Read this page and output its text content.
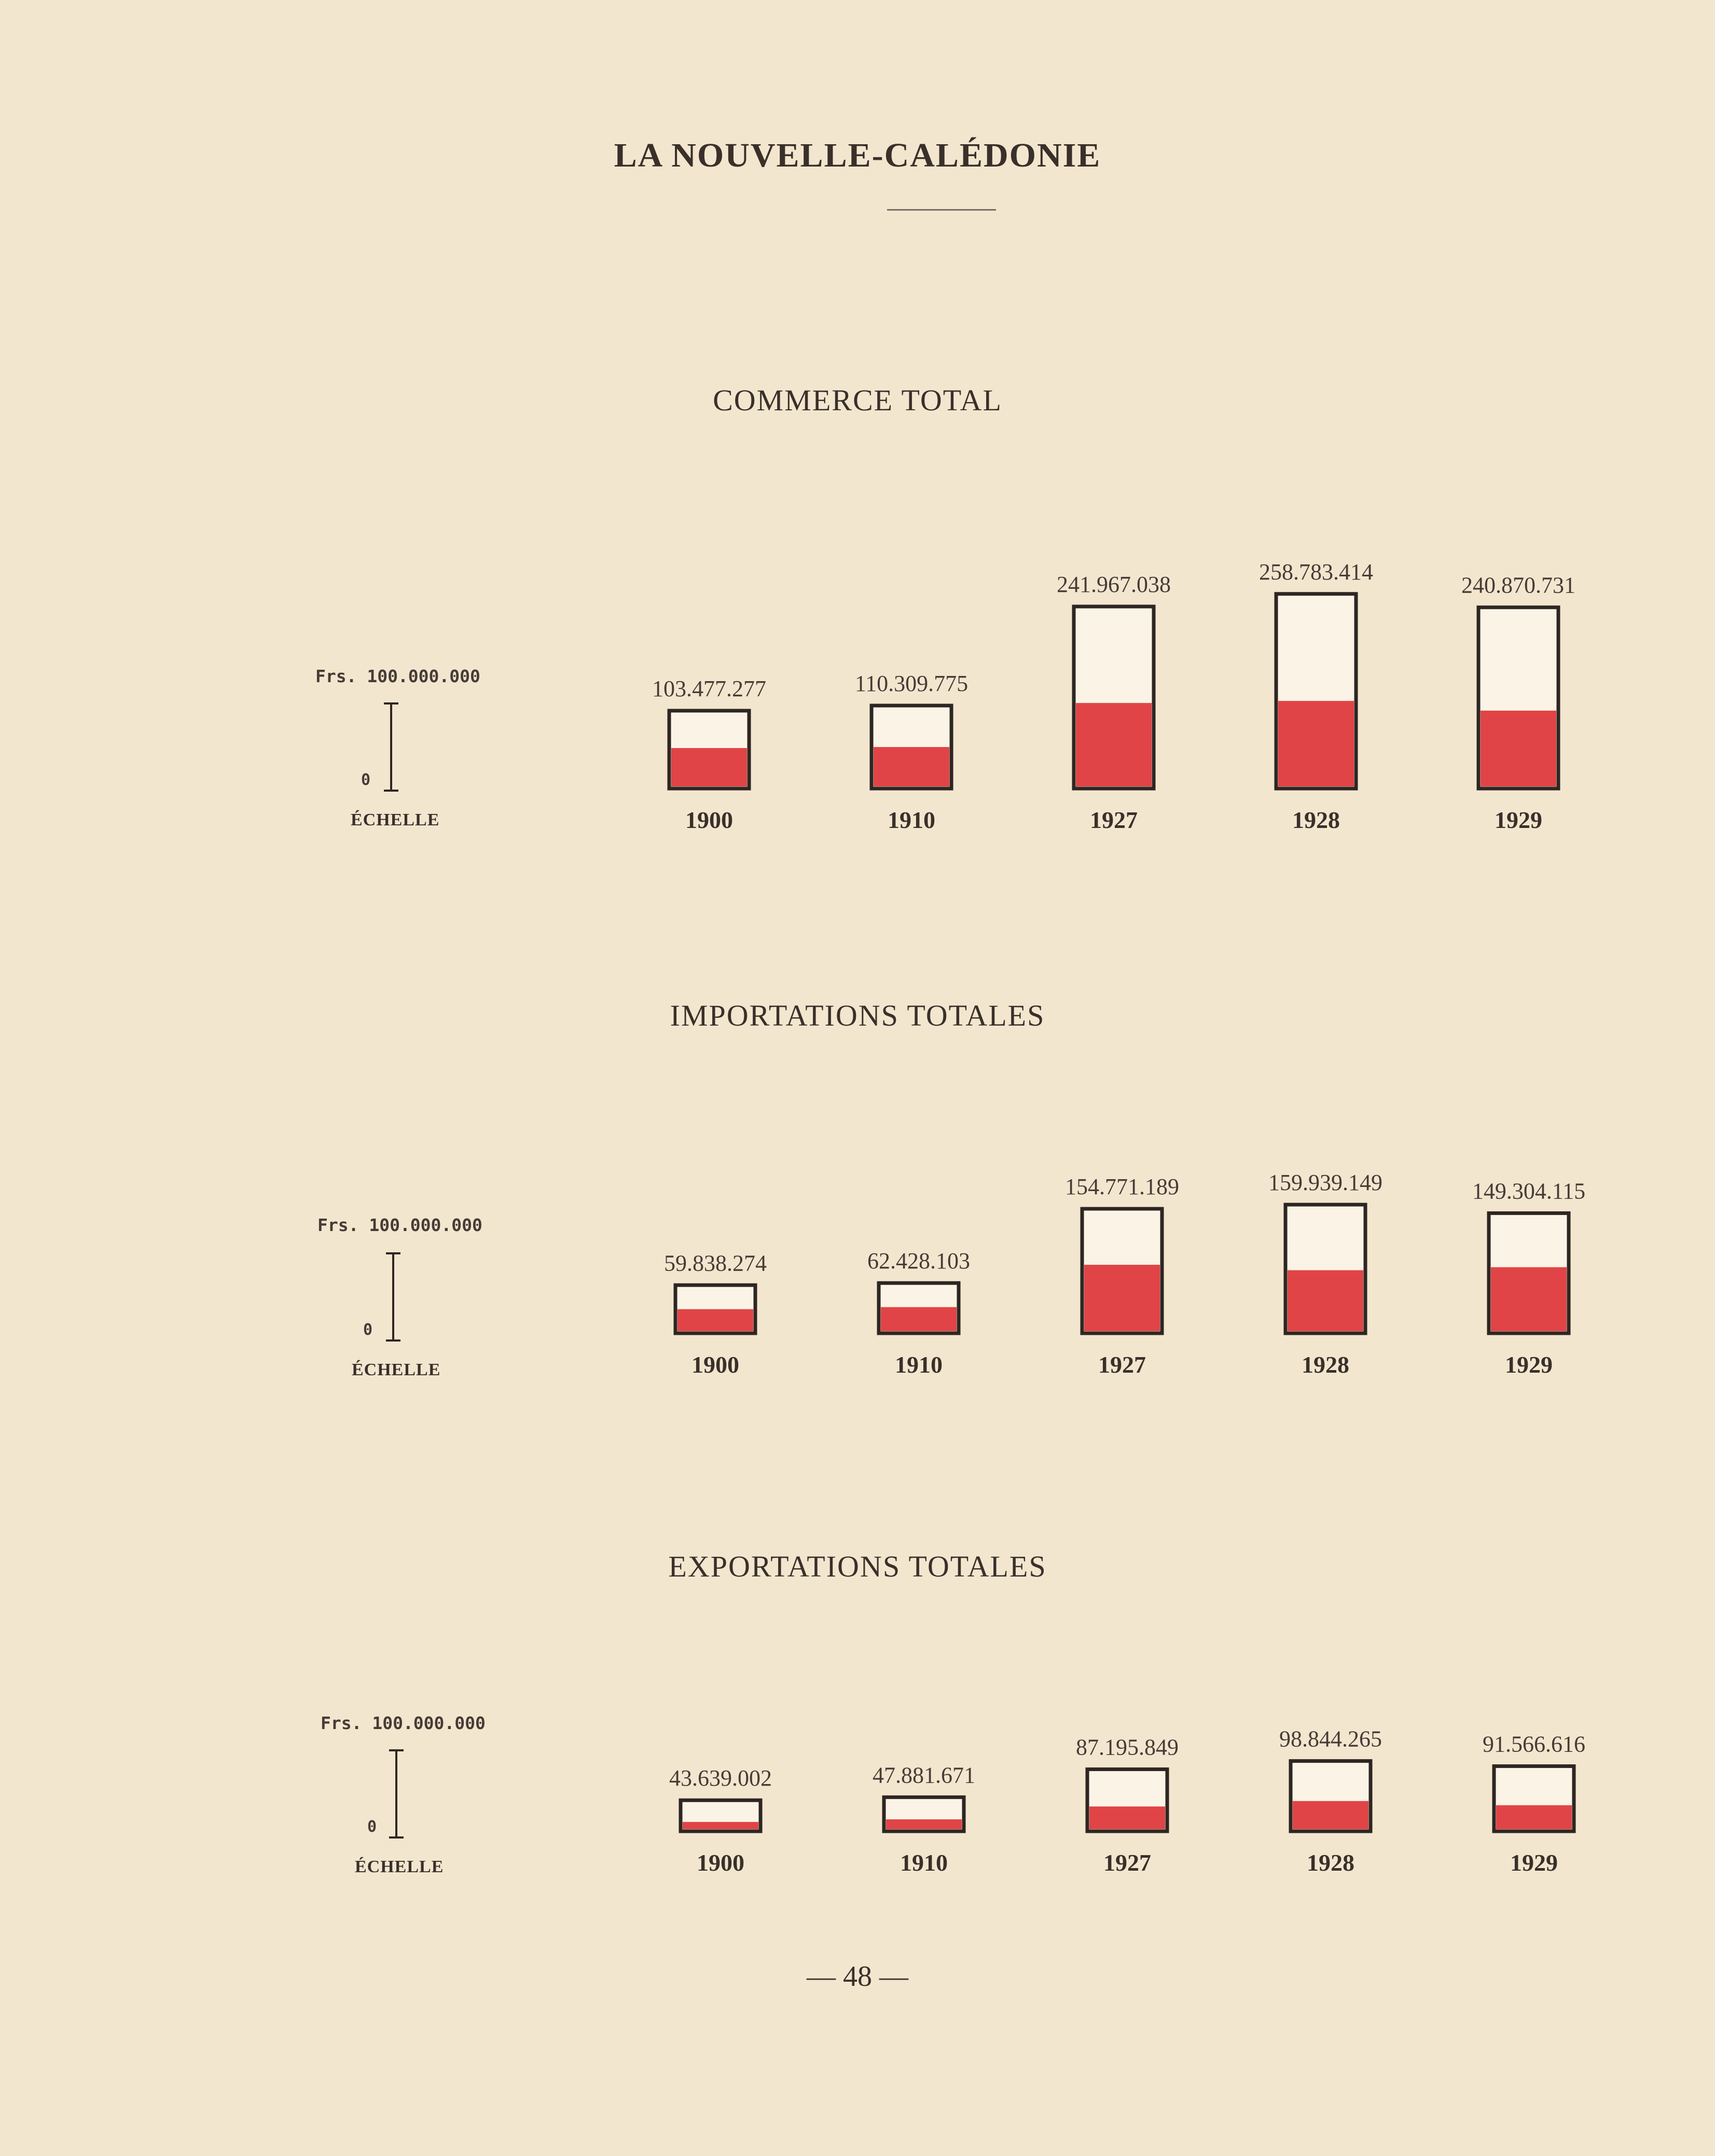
LA NOUVELLE-CALÉDONIE
COMMERCE TOTAL
Frs. 100.000.000
0
ÉCHELLE
103.477.277
1900
110.309.775
1910
241.967.038
1927
258.783.414
1928
240.870.731
1929
IMPORTATIONS TOTALES
Frs. 100.000.000
0
ÉCHELLE
59.838.274
1900
62.428.103
1910
154.771.189
1927
159.939.149
1928
149.304.115
1929
EXPORTATIONS TOTALES
Frs. 100.000.000
0
ÉCHELLE
43.639.002
1900
47.881.671
1910
87.195.849
1927
98.844.265
1928
91.566.616
1929
— 48 —
